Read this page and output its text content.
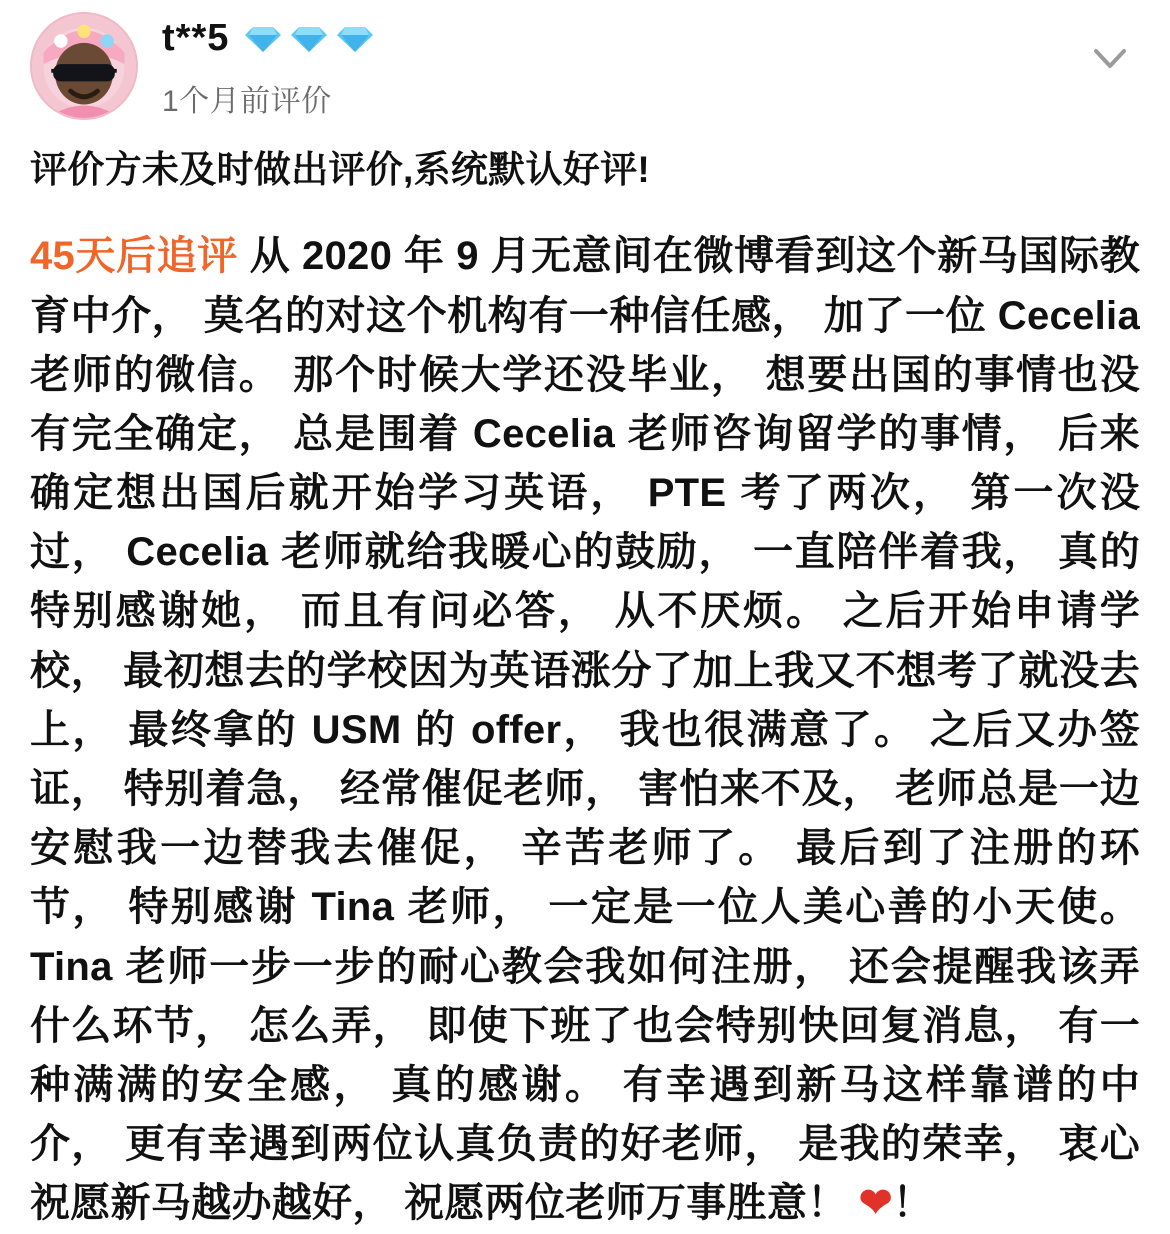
t**5
1个月前评价
评价方未及时做出评价,系统默认好评!
45天后追评 从 2020 年 9 月无意间在微博看到这个新马国际教育中介， 莫名的对这个机构有一种信任感， 加了一位 Cecelia 老师的微信。 那个时候大学还没毕业， 想要出国的事情也没有完全确定， 总是围着 Cecelia 老师咨询留学的事情， 后来确定想出国后就开始学习英语， PTE 考了两次， 第一次没过， Cecelia 老师就给我暖心的鼓励， 一直陪伴着我， 真的特别感谢她， 而且有问必答， 从不厌烦。 之后开始申请学校， 最初想去的学校因为英语涨分了加上我又不想考了就没去上， 最终拿的 USM 的 offer， 我也很满意了。 之后又办签证， 特别着急， 经常催促老师， 害怕来不及， 老师总是一边安慰我一边替我去催促， 辛苦老师了。 最后到了注册的环节， 特别感谢 Tina 老师， 一定是一位人美心善的小天使。 Tina 老师一步一步的耐心教会我如何注册， 还会提醒我该弄什么环节， 怎么弄， 即使下班了也会特别快回复消息， 有一种满满的安全感， 真的感谢。 有幸遇到新马这样靠谱的中介， 更有幸遇到两位认真负责的好老师， 是我的荣幸， 衷心祝愿新马越办越好， 祝愿两位老师万事胜意！ ❤！
